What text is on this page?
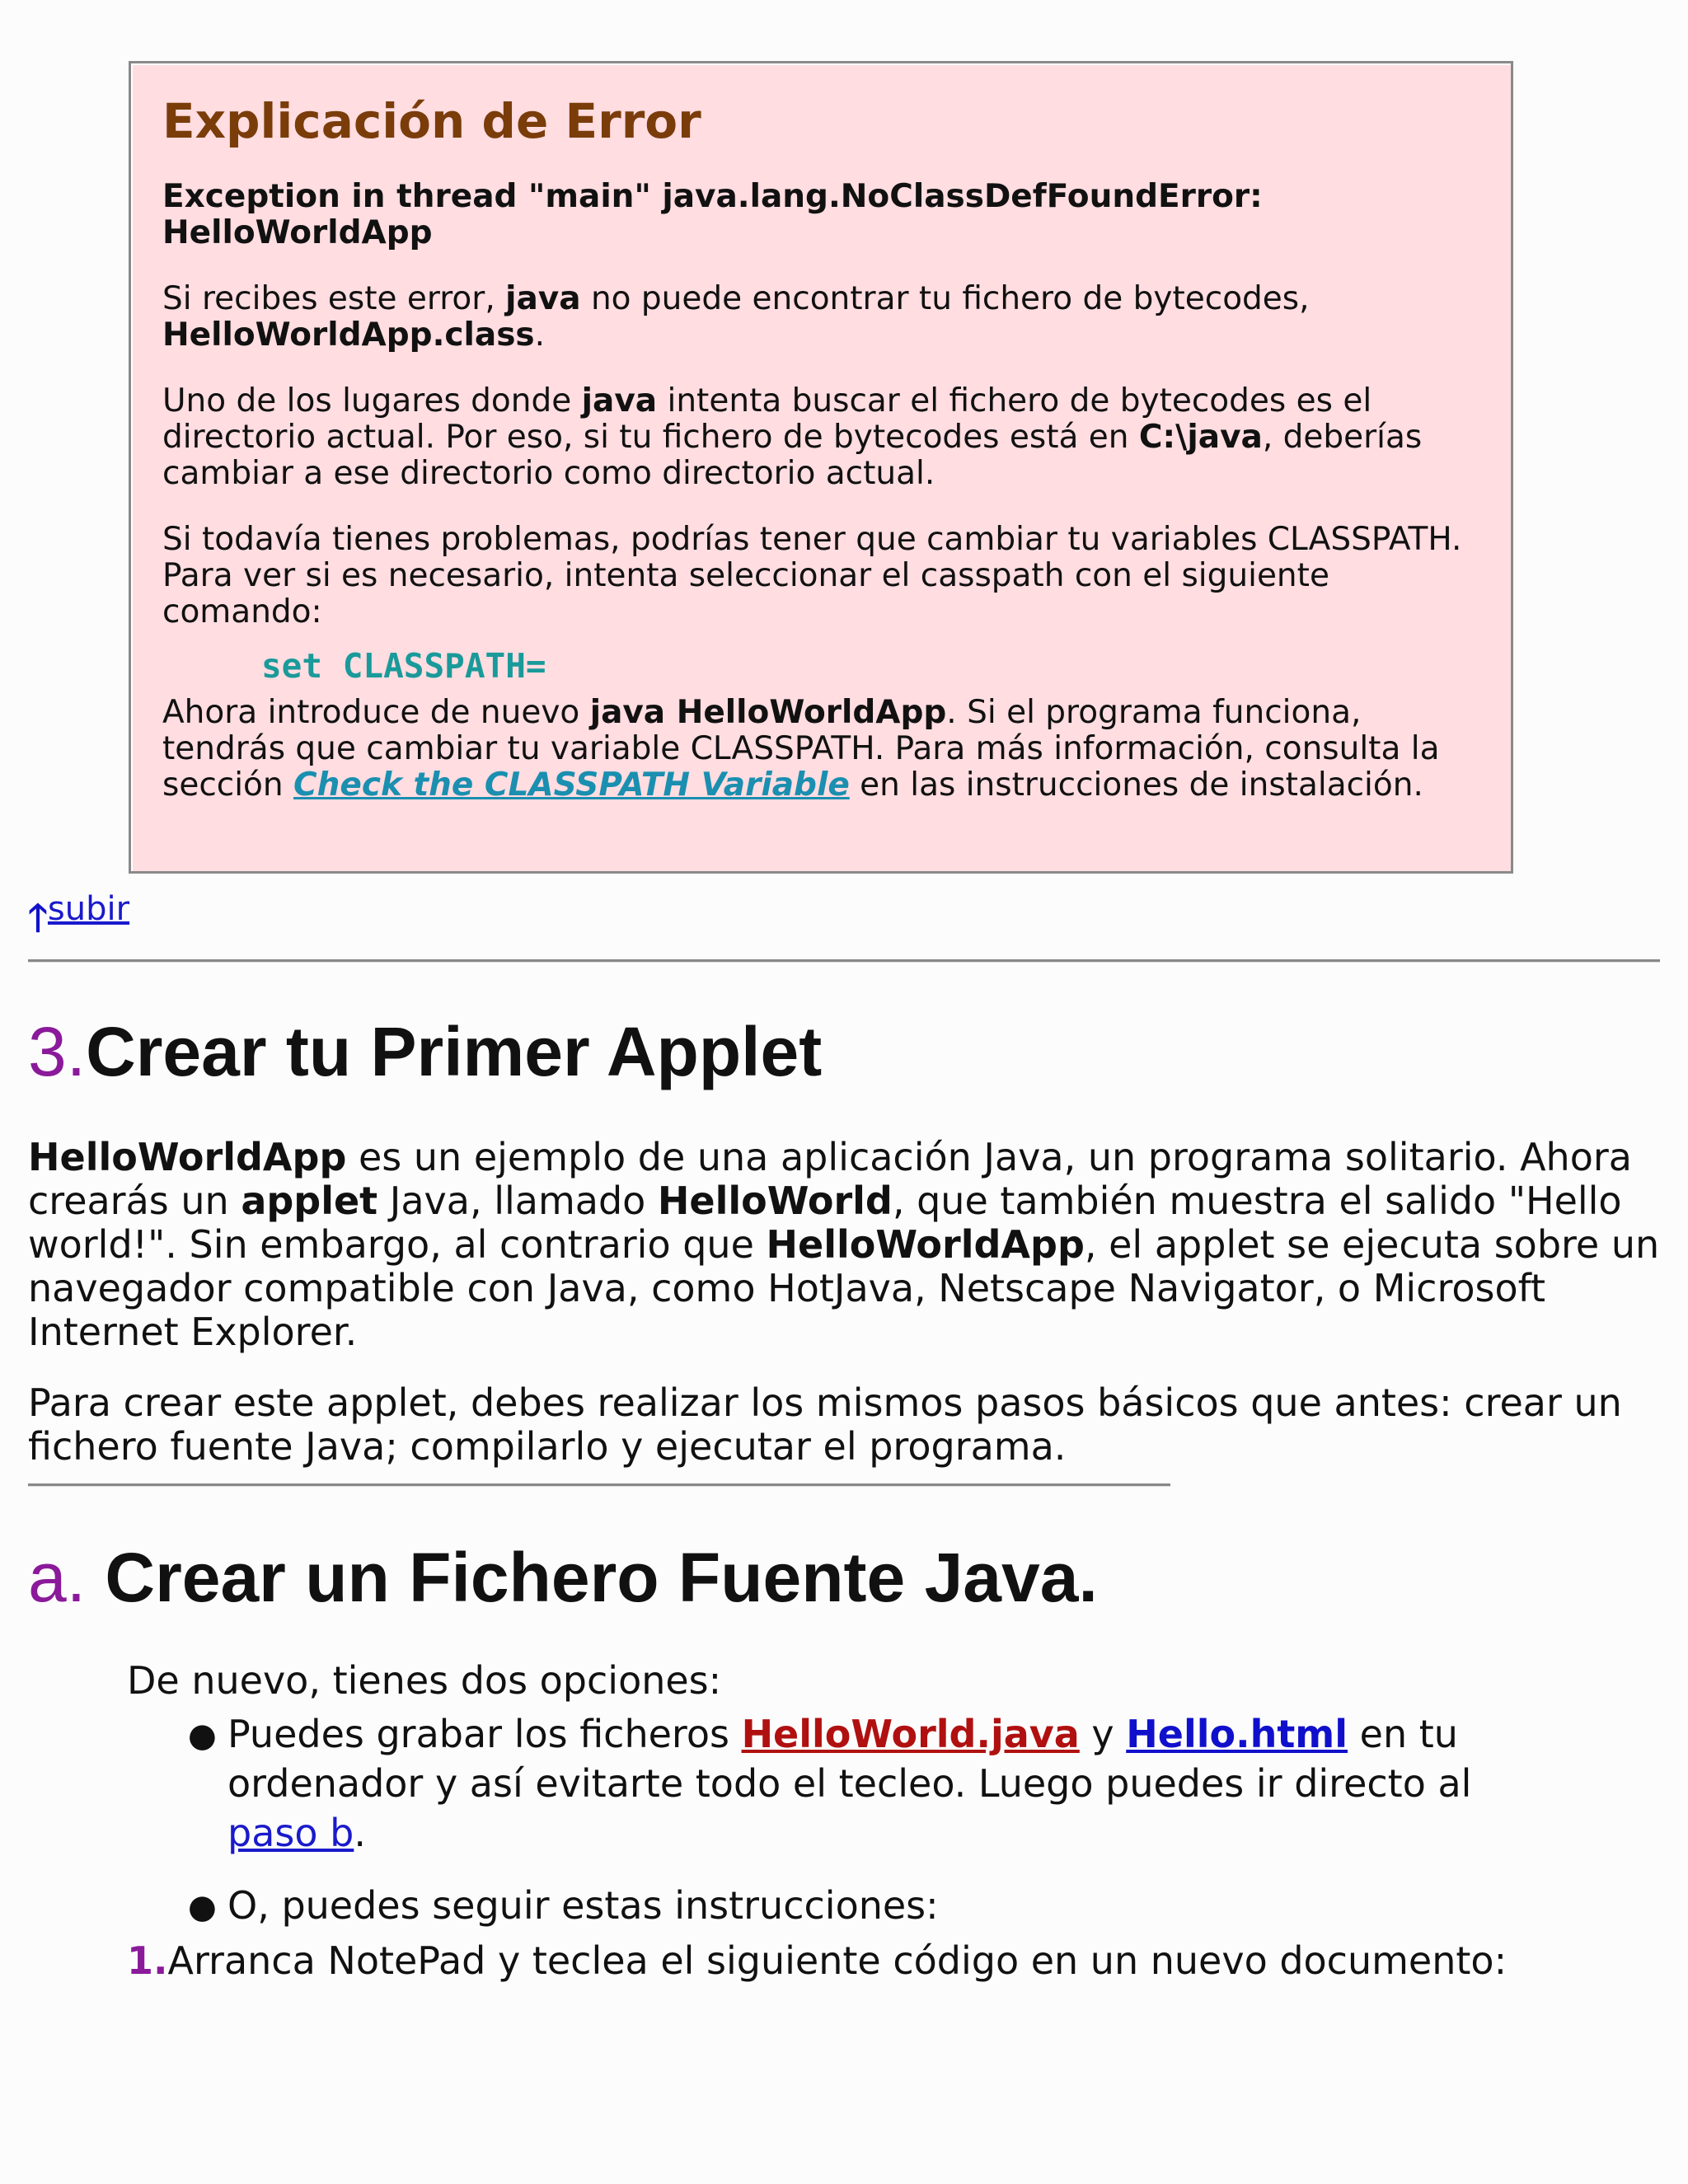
Explicación de Error

Exception in thread "main" java.lang.NoClassDefFoundError: HelloWorldApp

Si recibes este error, java no puede encontrar tu fichero de bytecodes,
HelloWorldApp.class.

Uno de los lugares donde java intenta buscar el fichero de bytecodes es el directorio actual. Por eso, si tu fichero de bytecodes está en C:\java, deberías cambiar a ese directorio como directorio actual.

Si todavía tienes problemas, podrías tener que cambiar tu variables CLASSPATH. Para ver si es necesario, intenta seleccionar el casspath con el siguiente comando:

set CLASSPATH=

Ahora introduce de nuevo java HelloWorldApp. Si el programa funciona, tendrás que cambiar tu variable CLASSPATH. Para más información, consulta la sección Check the CLASSPATH Variable en las instrucciones de instalación.

🡑subir
3.Crear tu Primer Applet

HelloWorldApp es un ejemplo de una aplicación Java, un programa solitario. Ahora crearás un applet Java, llamado HelloWorld, que también muestra el salido "Hello world!". Sin embargo, al contrario que HelloWorldApp, el applet se ejecuta sobre un navegador compatible con Java, como HotJava, Netscape Navigator, o Microsoft Internet Explorer.

Para crear este applet, debes realizar los mismos pasos básicos que antes: crear un fichero fuente Java; compilarlo y ejecutar el programa.

a. Crear un Fichero Fuente Java.

De nuevo, tienes dos opciones:

● Puedes grabar los ficheros HelloWorld.java y Hello.html en tu ordenador y así evitarte todo el tecleo. Luego puedes ir directo al paso b.
● O, puedes seguir estas instrucciones:

1.Arranca NotePad y teclea el siguiente código en un nuevo documento:
